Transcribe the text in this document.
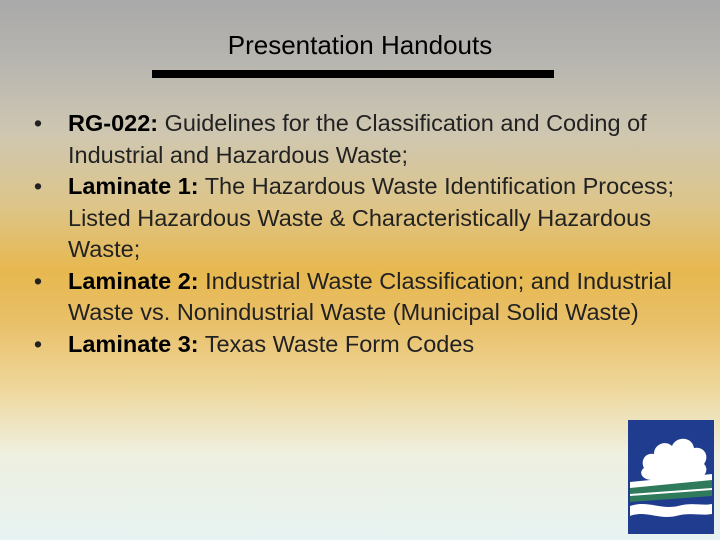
Presentation Handouts
• RG-022: Guidelines for the Classification and Coding of Industrial and Hazardous Waste;
• Laminate 1: The Hazardous Waste Identification Process; Listed Hazardous Waste & Characteristically Hazardous Waste;
• Laminate 2: Industrial Waste Classification; and Industrial Waste vs. Nonindustrial Waste (Municipal Solid Waste)
• Laminate 3: Texas Waste Form Codes
